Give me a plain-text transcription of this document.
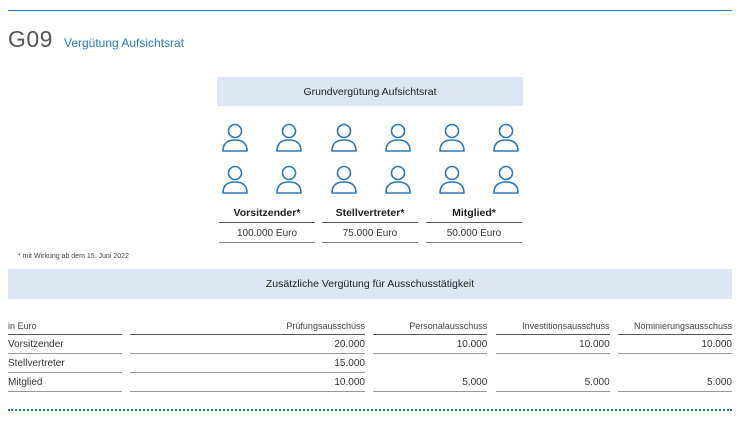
G09 Vergütung Aufsichtsrat
Grundvergütung Aufsichtsrat
Vorsitzender*
100.000 Euro
Stellvertreter*
75.000 Euro
Mitglied*
50.000 Euro
* mit Wirkung ab dem 15. Juni 2022
Zusätzliche Vergütung für Ausschusstätigkeit
in Euro	Prüfungsausschuss	Personalausschuss	Investitionsausschuss	Nominierungsausschuss
Vorsitzender	20.000	10.000	10.000	10.000
Stellvertreter	15.000
Mitglied	10.000	5.000	5.000	5.000
